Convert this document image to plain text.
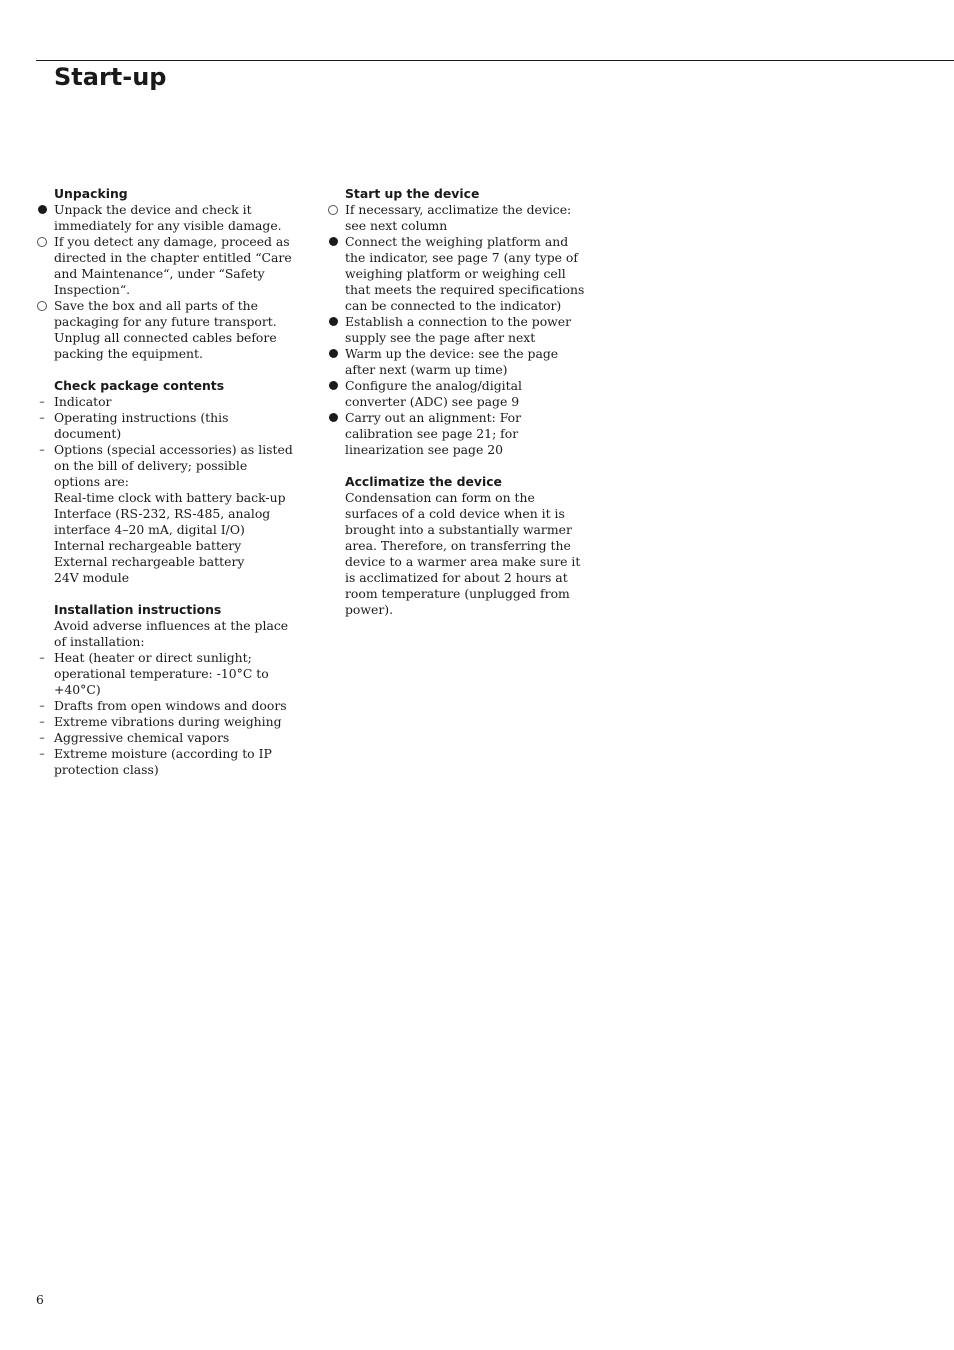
Start-up

Unpacking

Unpack the device and check it immediately for any visible damage.

If you detect any damage, proceed as directed in the chapter entitled “Care and Maintenance“, under “Safety Inspection“.

Save the box and all parts of the packaging for any future transport. Unplug all connected cables before packing the equipment.

Check package contents

– Indicator

– Operating instructions (this document)

– Options (special accessories) as listed on the bill of delivery; possible options are:

Real-time clock with battery back-up

Interface (RS-232, RS-485, analog interface 4–20 mA, digital I/O)

Internal rechargeable battery

External rechargeable battery

24V module

Installation instructions

Avoid adverse influences at the place of installation:

– Heat (heater or direct sunlight; operational temperature: -10°C to +40°C)

– Drafts from open windows and doors

– Extreme vibrations during weighing

– Aggressive chemical vapors

– Extreme moisture (according to IP protection class)

Start up the device

If necessary, acclimatize the device: see next column

Connect the weighing platform and the indicator, see page 7 (any type of weighing platform or weighing cell that meets the required specifications can be connected to the indicator)

Establish a connection to the power supply see the page after next

Warm up the device: see the page after next (warm up time)

Configure the analog/digital converter (ADC) see page 9

Carry out an alignment: For calibration see page 21; for linearization see page 20

Acclimatize the device

Condensation can form on the surfaces of a cold device when it is brought into a substantially warmer area. Therefore, on transferring the device to a warmer area make sure it is acclimatized for about 2 hours at room temperature (unplugged from power).

6
